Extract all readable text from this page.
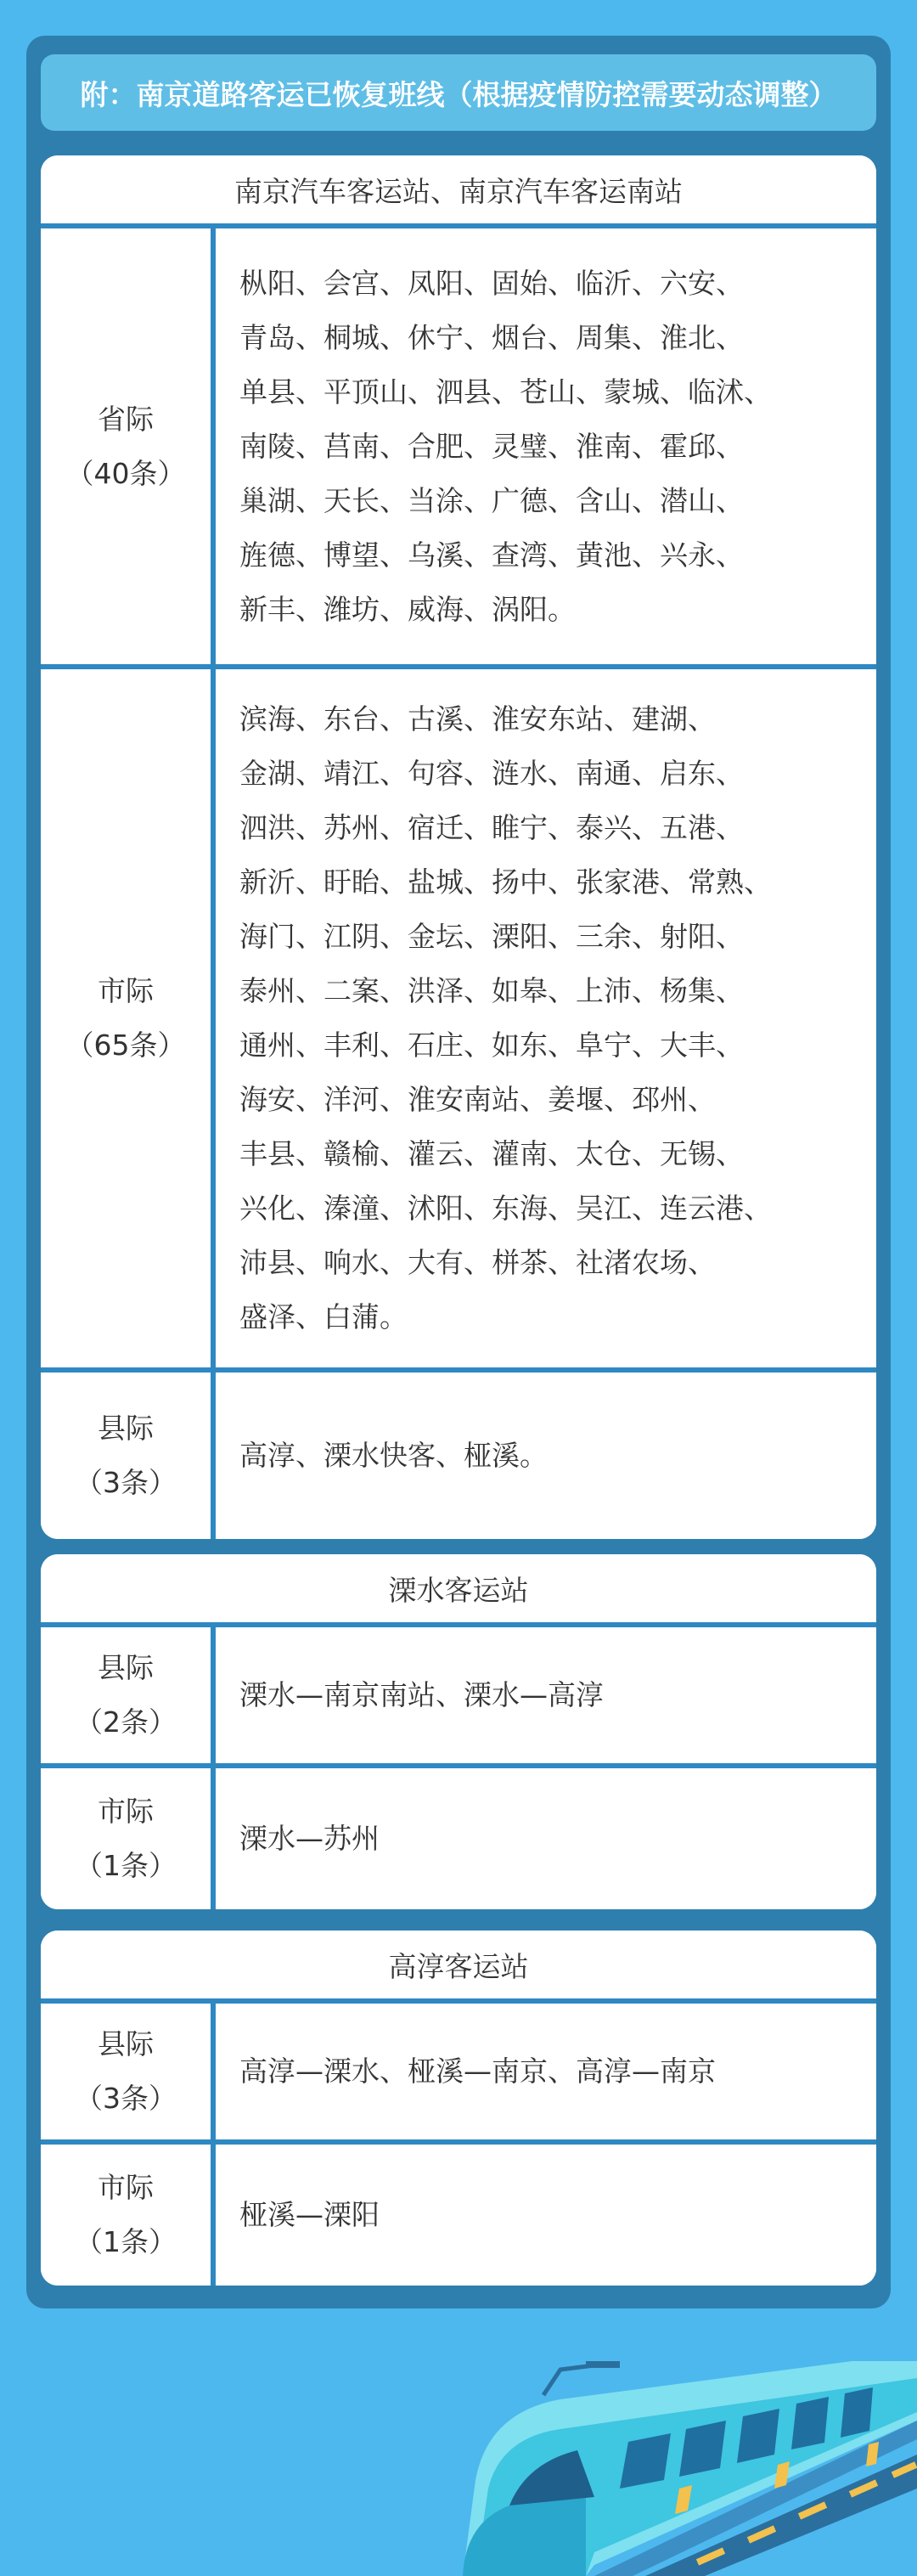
附：南京道路客运已恢复班线（根据疫情防控需要动态调整）
南京汽车客运站、南京汽车客运南站
省际
（40条）

枞阳、会宫、凤阳、固始、临沂、六安、

青岛、桐城、休宁、烟台、周集、淮北、

单县、平顶山、泗县、苍山、蒙城、临沭、

南陵、莒南、合肥、灵璧、淮南、霍邱、

巢湖、天长、当涂、广德、含山、潜山、

旌德、博望、乌溪、查湾、黄池、兴永、

新丰、潍坊、威海、涡阳。

市际
（65条）

滨海、东台、古溪、淮安东站、建湖、

金湖、靖江、句容、涟水、南通、启东、

泗洪、苏州、宿迁、睢宁、泰兴、五港、

新沂、盱眙、盐城、扬中、张家港、常熟、

海门、江阴、金坛、溧阳、三余、射阳、

泰州、二案、洪泽、如皋、上沛、杨集、

通州、丰利、石庄、如东、阜宁、大丰、

海安、洋河、淮安南站、姜堰、邳州、

丰县、赣榆、灌云、灌南、太仓、无锡、

兴化、溱潼、沭阳、东海、吴江、连云港、

沛县、响水、大有、栟茶、社渚农场、

盛泽、白蒲。

县际
（3条）

高淳、溧水快客、桠溪。

溧水客运站
县际
（2条）

溧水—南京南站、溧水—高淳

市际
（1条）

溧水—苏州

高淳客运站
县际
（3条）

高淳—溧水、桠溪—南京、高淳—南京

市际
（1条）

桠溪—溧阳
